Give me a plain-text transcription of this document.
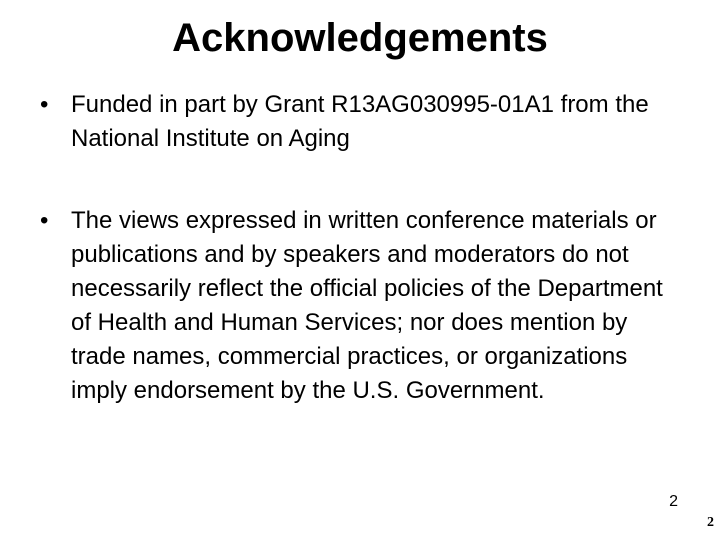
Acknowledgements
• Funded in part by Grant R13AG030995-01A1 from the National Institute on Aging
• The views expressed in written conference materials or publications and by speakers and moderators do not necessarily reflect the official policies of the Department of Health and Human Services; nor does mention by trade names, commercial practices, or organizations imply endorsement by the U.S. Government.
2
2
